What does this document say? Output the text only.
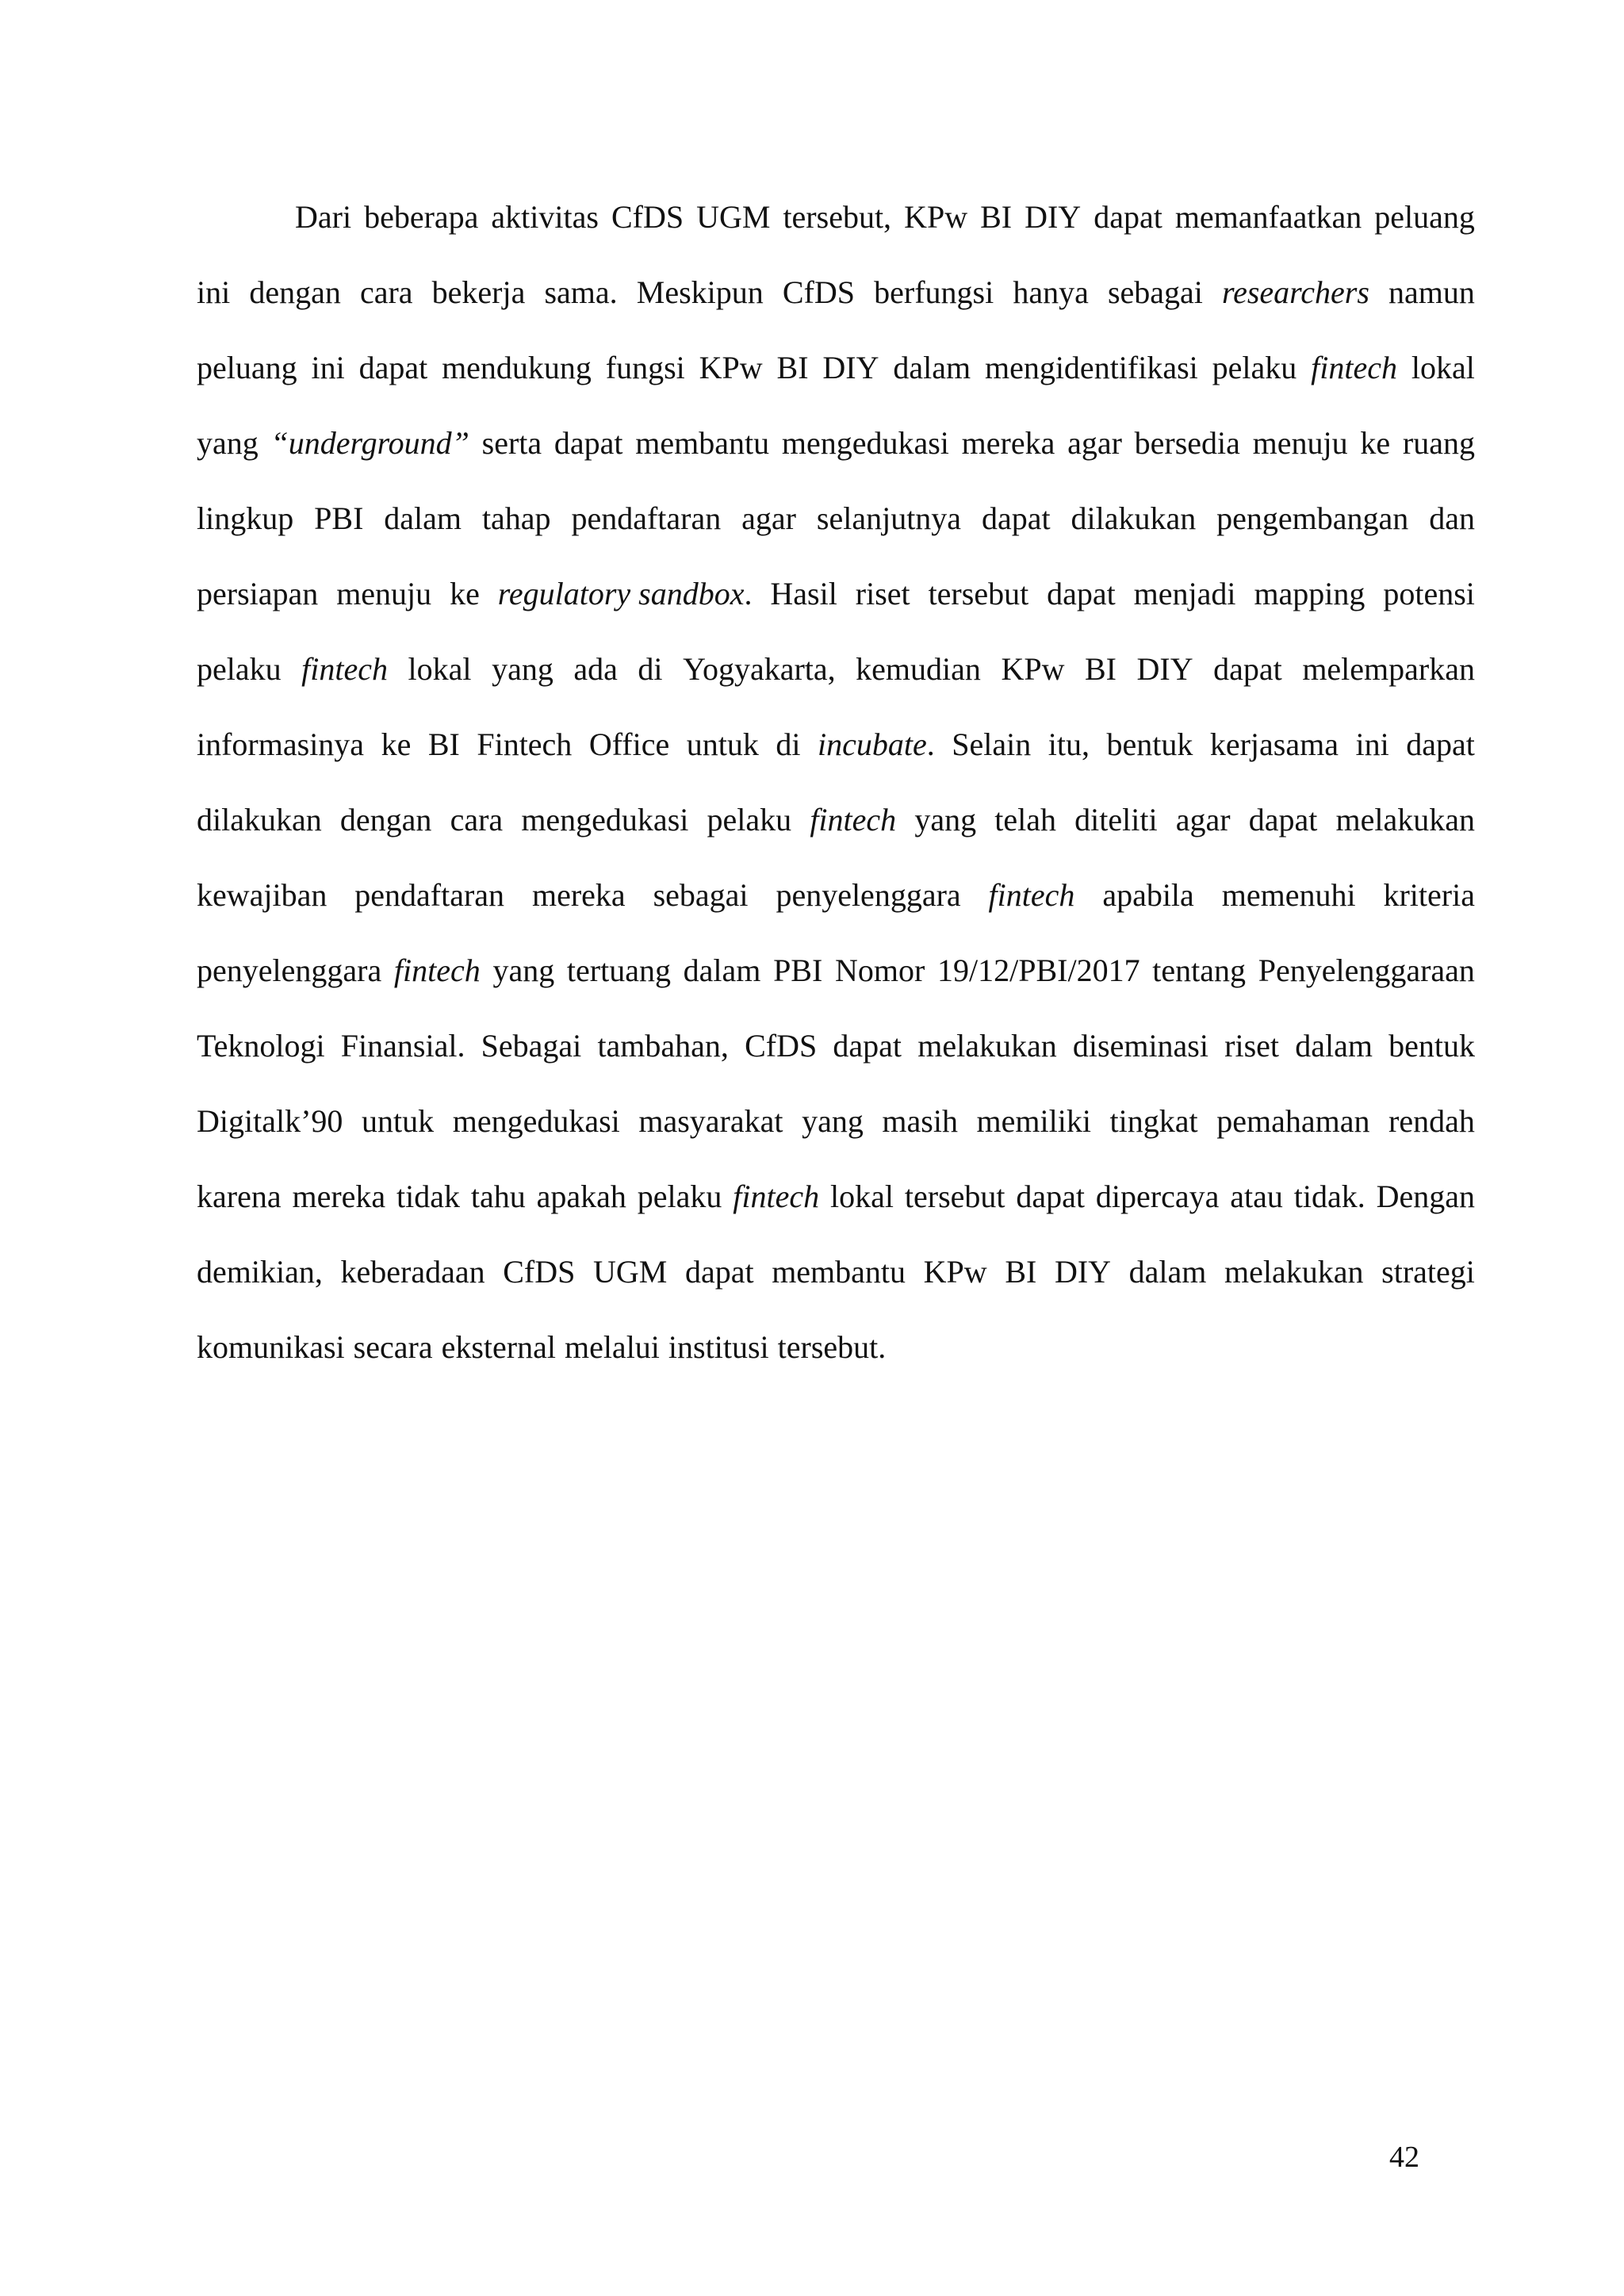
Dari beberapa aktivitas CfDS UGM tersebut, KPw BI DIY dapat memanfaatkan peluang
ini dengan cara bekerja sama. Meskipun CfDS berfungsi hanya sebagai researchers namun
peluang ini dapat mendukung fungsi KPw BI DIY dalam mengidentifikasi pelaku fintech lokal
yang “underground” serta dapat membantu mengedukasi mereka agar bersedia menuju ke ruang
lingkup PBI dalam tahap pendaftaran agar selanjutnya dapat dilakukan pengembangan dan
persiapan menuju ke regulatory sandbox. Hasil riset tersebut dapat menjadi mapping potensi
pelaku fintech lokal yang ada di Yogyakarta, kemudian KPw BI DIY dapat melemparkan
informasinya ke BI Fintech Office untuk di incubate. Selain itu, bentuk kerjasama ini dapat
dilakukan dengan cara mengedukasi pelaku fintech yang telah diteliti agar dapat melakukan
kewajiban pendaftaran mereka sebagai penyelenggara fintech apabila memenuhi kriteria
penyelenggara fintech yang tertuang dalam PBI Nomor 19/12/PBI/2017 tentang Penyelenggaraan
Teknologi Finansial. Sebagai tambahan, CfDS dapat melakukan diseminasi riset dalam bentuk
Digitalk’90 untuk mengedukasi masyarakat yang masih memiliki tingkat pemahaman rendah
karena mereka tidak tahu apakah pelaku fintech lokal tersebut dapat dipercaya atau tidak. Dengan
demikian, keberadaan CfDS UGM dapat membantu KPw BI DIY dalam melakukan strategi
komunikasi secara eksternal melalui institusi tersebut.
42
